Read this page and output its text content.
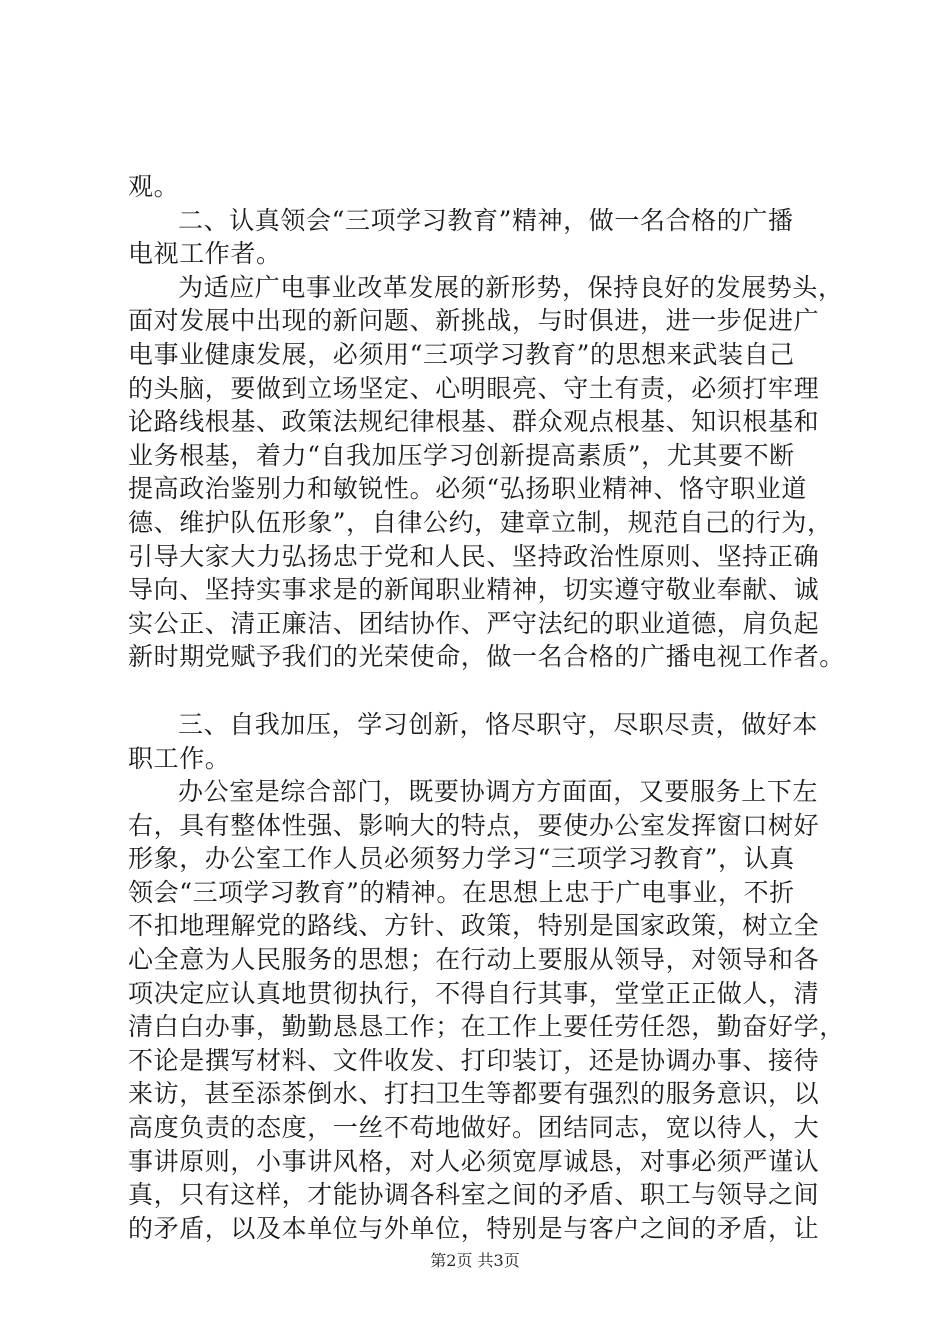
观。
二、认真领会“三项学习教育”精神，做一名合格的广播
电视工作者。
为适应广电事业改革发展的新形势，保持良好的发展势头，
面对发展中出现的新问题、新挑战，与时俱进，进一步促进广
电事业健康发展，必须用“三项学习教育”的思想来武装自己
的头脑，要做到立场坚定、心明眼亮、守土有责，必须打牢理
论路线根基、政策法规纪律根基、群众观点根基、知识根基和
业务根基，着力“自我加压学习创新提高素质”，尤其要不断
提高政治鉴别力和敏锐性。必须“弘扬职业精神、恪守职业道
德、维护队伍形象”，自律公约，建章立制，规范自己的行为，
引导大家大力弘扬忠于党和人民、坚持政治性原则、坚持正确
导向、坚持实事求是的新闻职业精神，切实遵守敬业奉献、诚
实公正、清正廉洁、团结协作、严守法纪的职业道德，肩负起
新时期党赋予我们的光荣使命，做一名合格的广播电视工作者。
三、自我加压，学习创新，恪尽职守，尽职尽责，做好本
职工作。
办公室是综合部门，既要协调方方面面，又要服务上下左
右，具有整体性强、影响大的特点，要使办公室发挥窗口树好
形象，办公室工作人员必须努力学习“三项学习教育”，认真
领会“三项学习教育”的精神。在思想上忠于广电事业，不折
不扣地理解党的路线、方针、政策，特别是国家政策，树立全
心全意为人民服务的思想；在行动上要服从领导，对领导和各
项决定应认真地贯彻执行，不得自行其事，堂堂正正做人，清
清白白办事，勤勤恳恳工作；在工作上要任劳任怨，勤奋好学，
不论是撰写材料、文件收发、打印装订，还是协调办事、接待
来访，甚至添茶倒水、打扫卫生等都要有强烈的服务意识，以
高度负责的态度，一丝不苟地做好。团结同志，宽以待人，大
事讲原则，小事讲风格，对人必须宽厚诚恳，对事必须严谨认
真，只有这样，才能协调各科室之间的矛盾、职工与领导之间
的矛盾，以及本单位与外单位，特别是与客户之间的矛盾，让
第2页 共3页
